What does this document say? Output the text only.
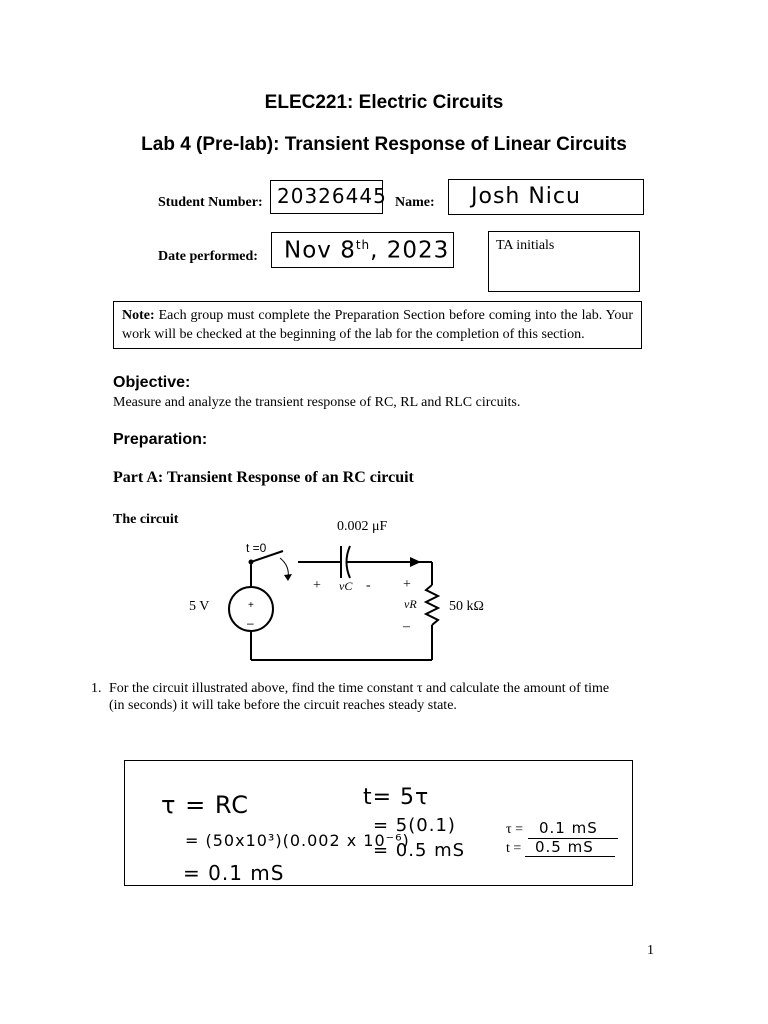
ELEC221: Electric Circuits
Lab 4 (Pre-lab): Transient Response of Linear Circuits
Student Number: 20326445 Name: Josh Nicu
Date performed: Nov 8th, 2023	TA initials
Note: Each group must complete the Preparation Section before coming into the lab. Your work will be checked at the beginning of the lab for the completion of this section.
Objective:
Measure and analyze the transient response of RC, RL and RLC circuits.
Preparation:
Part A: Transient Response of an RC circuit
The circuit
+
–
0.002 μF
t =0
5 V	50 kΩ
+ vC - +
vR
–
1. For the circuit illustrated above, find the time constant τ and calculate the amount of time
(in seconds) it will take before the circuit reaches steady state.
τ = RC
= (50x10³)(0.002 x 10⁻⁶)
= 0.1 mS
t= 5τ
= 5(0.1)
= 0.5 mS
τ = 0.1 mS
t = 0.5 mS
1
